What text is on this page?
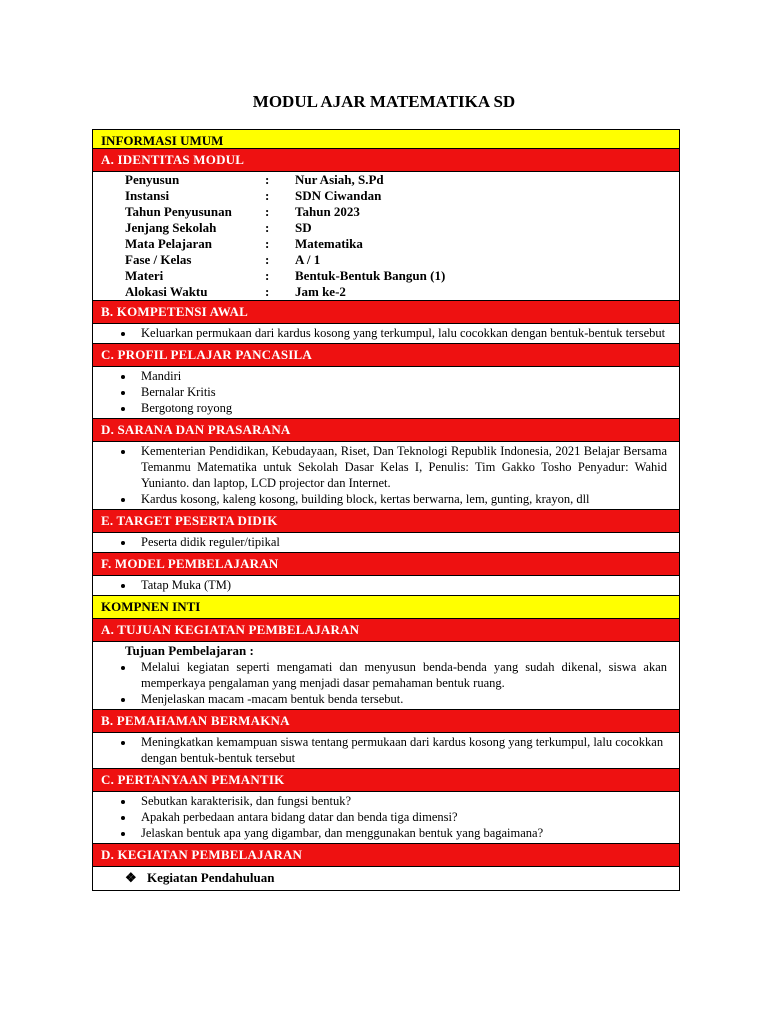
MODUL AJAR MATEMATIKA SD
INFORMASI UMUM
A. IDENTITAS MODUL
Penyusun	:	Nur Asiah, S.Pd
Instansi	:	SDN Ciwandan
Tahun Penyusunan	:	Tahun 2023
Jenjang Sekolah	:	SD
Mata Pelajaran	:	Matematika
Fase / Kelas	:	A / 1
Materi	:	Bentuk-Bentuk Bangun (1)
Alokasi Waktu	:	Jam ke-2
B. KOMPETENSI AWAL
• Keluarkan permukaan dari kardus kosong yang terkumpul, lalu cocokkan dengan bentuk-bentuk tersebut
C. PROFIL PELAJAR PANCASILA
• Mandiri
• Bernalar Kritis
• Bergotong royong
D. SARANA DAN PRASARANA
• Kementerian Pendidikan, Kebudayaan, Riset, Dan Teknologi Republik Indonesia, 2021 Belajar Bersama Temanmu Matematika untuk Sekolah Dasar Kelas I, Penulis: Tim Gakko Tosho Penyadur: Wahid Yunianto. dan laptop, LCD projector dan Internet.
• Kardus kosong, kaleng kosong, building block, kertas berwarna, lem, gunting, krayon, dll
E. TARGET PESERTA DIDIK
• Peserta didik reguler/tipikal
F. MODEL PEMBELAJARAN
• Tatap Muka (TM)
KOMPNEN INTI
A. TUJUAN KEGIATAN PEMBELAJARAN
Tujuan Pembelajaran :
• Melalui kegiatan seperti mengamati dan menyusun benda-benda yang sudah dikenal, siswa akan memperkaya pengalaman yang menjadi dasar pemahaman bentuk ruang.
• Menjelaskan macam -macam bentuk benda tersebut.
B. PEMAHAMAN BERMAKNA
• Meningkatkan kemampuan siswa tentang permukaan dari kardus kosong yang terkumpul, lalu cocokkan dengan bentuk-bentuk tersebut
C. PERTANYAAN PEMANTIK
• Sebutkan karakterisik, dan fungsi bentuk?
• Apakah perbedaan antara bidang datar dan benda tiga dimensi?
• Jelaskan bentuk apa yang digambar, dan menggunakan bentuk yang bagaimana?
D. KEGIATAN PEMBELAJARAN
❖ Kegiatan Pendahuluan
